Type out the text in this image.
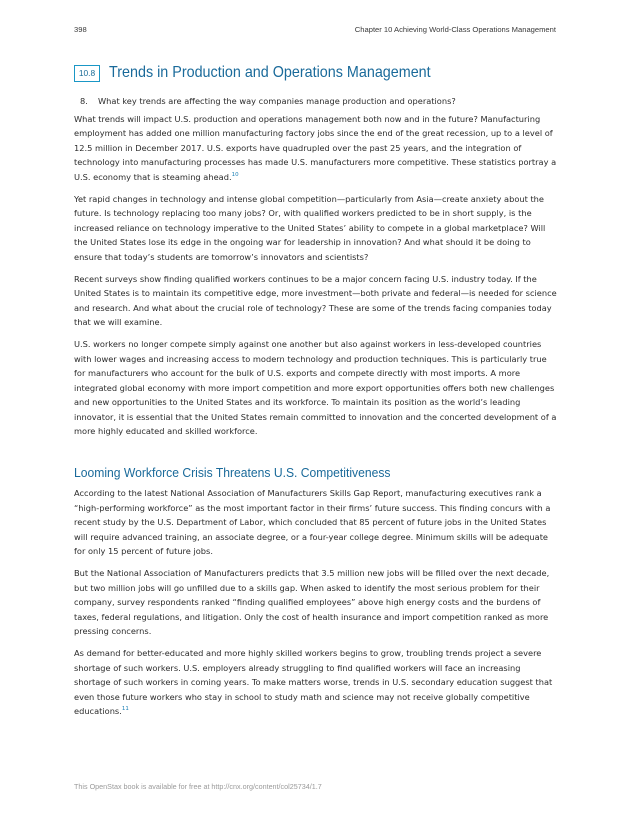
398	Chapter 10 Achieving World-Class Operations Management
10.8 Trends in Production and Operations Management
8.	What key trends are affecting the way companies manage production and operations?

What trends will impact U.S. production and operations management both now and in the future? Manufacturing employment has added one million manufacturing factory jobs since the end of the great recession, up to a level of 12.5 million in December 2017. U.S. exports have quadrupled over the past 25 years, and the integration of technology into manufacturing processes has made U.S. manufacturers more competitive. These statistics portray a U.S. economy that is steaming ahead.$^{10}$

Yet rapid changes in technology and intense global competition—particularly from Asia—create anxiety about the future. Is technology replacing too many jobs? Or, with qualified workers predicted to be in short supply, is the increased reliance on technology imperative to the United States’ ability to compete in a global marketplace? Will the United States lose its edge in the ongoing war for leadership in innovation? And what should it be doing to ensure that today’s students are tomorrow’s innovators and scientists?

Recent surveys show finding qualified workers continues to be a major concern facing U.S. industry today. If the United States is to maintain its competitive edge, more investment—both private and federal—is needed for science and research. And what about the crucial role of technology? These are some of the trends facing companies today that we will examine.

U.S. workers no longer compete simply against one another but also against workers in less-developed countries with lower wages and increasing access to modern technology and production techniques. This is particularly true for manufacturers who account for the bulk of U.S. exports and compete directly with most imports. A more integrated global economy with more import competition and more export opportunities offers both new challenges and new opportunities to the United States and its workforce. To maintain its position as the world’s leading innovator, it is essential that the United States remain committed to innovation and the concerted development of a more highly educated and skilled workforce.

Looming Workforce Crisis Threatens U.S. Competitiveness

According to the latest National Association of Manufacturers Skills Gap Report, manufacturing executives rank a “high-performing workforce” as the most important factor in their firms’ future success. This finding concurs with a recent study by the U.S. Department of Labor, which concluded that 85 percent of future jobs in the United States will require advanced training, an associate degree, or a four-year college degree. Minimum skills will be adequate for only 15 percent of future jobs.

But the National Association of Manufacturers predicts that 3.5 million new jobs will be filled over the next decade, but two million jobs will go unfilled due to a skills gap. When asked to identify the most serious problem for their company, survey respondents ranked “finding qualified employees” above high energy costs and the burdens of taxes, federal regulations, and litigation. Only the cost of health insurance and import competition ranked as more pressing concerns.

As demand for better-educated and more highly skilled workers begins to grow, troubling trends project a severe shortage of such workers. U.S. employers already struggling to find qualified workers will face an increasing shortage of such workers in coming years. To make matters worse, trends in U.S. secondary education suggest that even those future workers who stay in school to study math and science may not receive globally competitive educations.$^{11}$

This OpenStax book is available for free at http://cnx.org/content/col25734/1.7
